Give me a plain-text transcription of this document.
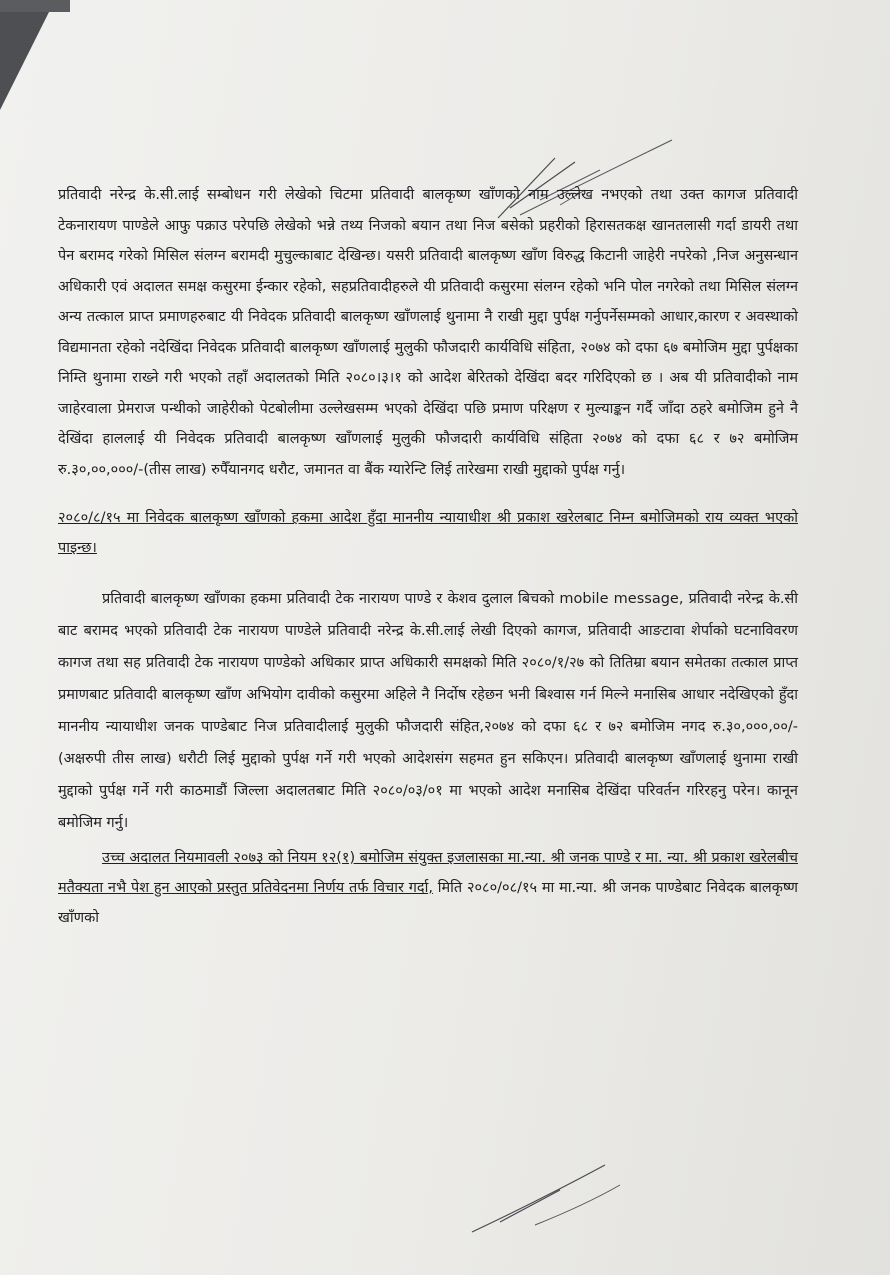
प्रतिवादी नरेन्द्र के.सी.लाई सम्बोधन गरी लेखेको चिटमा प्रतिवादी बालकृष्ण खाँणको नाम उल्लेख नभएको तथा उक्त कागज प्रतिवादी टेकनारायण पाण्डेले आफु पक्राउ परेपछि लेखेको भन्ने तथ्य निजको बयान तथा निज बसेको प्रहरीको हिरासतकक्ष खानतलासी गर्दा डायरी तथा पेन बरामद गरेको मिसिल संलग्न बरामदी मुचुल्काबाट देखिन्छ। यसरी प्रतिवादी बालकृष्ण खाँण विरुद्ध किटानी जाहेरी नपरेको ,निज अनुसन्धान अधिकारी एवं अदालत समक्ष कसुरमा ईन्कार रहेको, सहप्रतिवादीहरुले यी प्रतिवादी कसुरमा संलग्न रहेको भनि पोल नगरेको तथा मिसिल संलग्न अन्य तत्काल प्राप्त प्रमाणहरुबाट यी निवेदक प्रतिवादी बालकृष्ण खाँणलाई थुनामा नै राखी मुद्दा पुर्पक्ष गर्नुपर्नेसम्मको आधार,कारण र अवस्थाको विद्यमानता रहेको नदेखिंदा निवेदक प्रतिवादी बालकृष्ण खाँणलाई मुलुकी फौजदारी कार्यविधि संहिता, २०७४ को दफा ६७ बमोजिम मुद्दा पुर्पक्षका निम्ति थुनामा राख्ने गरी भएको तहाँ अदालतको मिति २०८०।३।१ को आदेश बेरितको देखिंदा बदर गरिदिएको छ । अब यी प्रतिवादीको नाम जाहेरवाला प्रेमराज पन्थीको जाहेरीको पेटबोलीमा उल्लेखसम्म भएको देखिंदा पछि प्रमाण परिक्षण र मुल्याङ्कन गर्दै जाँदा ठहरे बमोजिम हुने नै देखिंदा हाललाई यी निवेदक प्रतिवादी बालकृष्ण खाँणलाई मुलुकी फौजदारी कार्यविधि संहिता २०७४ को दफा ६८ र ७२ बमोजिम रु.३०,००,०००/-(तीस लाख) रुपैँयानगद धरौट, जमानत वा बैंक ग्यारेन्टि लिई तारेखमा राखी मुद्दाको पुर्पक्ष गर्नु।

२०८०/८/१५ मा निवेदक बालकृष्ण खाँणको हकमा आदेश हुँदा माननीय न्यायाधीश श्री प्रकाश खरेलबाट निम्न बमोजिमको राय व्यक्त भएको पाइन्छ।

प्रतिवादी बालकृष्ण खाँणका हकमा प्रतिवादी टेक नारायण पाण्डे र केशव दुलाल बिचको mobile message, प्रतिवादी नरेन्द्र के.सी बाट बरामद भएको प्रतिवादी टेक नारायण पाण्डेले प्रतिवादी नरेन्द्र के.सी.लाई लेखी दिएको कागज, प्रतिवादी आङटावा शेर्पाको घटनाविवरण कागज तथा सह प्रतिवादी टेक नारायण पाण्डेको अधिकार प्राप्त अधिकारी समक्षको मिति २०८०/१/२७ को तितिम्रा बयान समेतका तत्काल प्राप्त प्रमाणबाट प्रतिवादी बालकृष्ण खाँण अभियोग दावीको कसुरमा अहिले नै निर्दोष रहेछन भनी बिश्वास गर्न मिल्ने मनासिब आधार नदेखिएको हुँदा माननीय न्यायाधीश जनक पाण्डेबाट निज प्रतिवादीलाई मुलुकी फौजदारी संहित,२०७४ को दफा ६८ र ७२ बमोजिम नगद रु.३०,०००,००/-(अक्षरुपी तीस लाख) धरौटी लिई मुद्दाको पुर्पक्ष गर्ने गरी भएको आदेशसंग सहमत हुन सकिएन। प्रतिवादी बालकृष्ण खाँणलाई थुनामा राखी मुद्दाको पुर्पक्ष गर्ने गरी काठमाडौं जिल्ला अदालतबाट मिति २०८०/०३/०१ मा भएको आदेश मनासिब देखिंदा परिवर्तन गरिरहनु परेन। कानून बमोजिम गर्नु।

उच्च अदालत नियमावली २०७३ को नियम १२(१) बमोजिम संयुक्त इजलासका मा.न्या. श्री जनक पाण्डे र मा. न्या. श्री प्रकाश खरेलबीच मतैक्यता नभै पेश हुन आएको प्रस्तुत प्रतिवेदनमा निर्णय तर्फ विचार गर्दा, मिति २०८०/०८/१५ मा मा.न्या. श्री जनक पाण्डेबाट निवेदक बालकृष्ण खाँणको
